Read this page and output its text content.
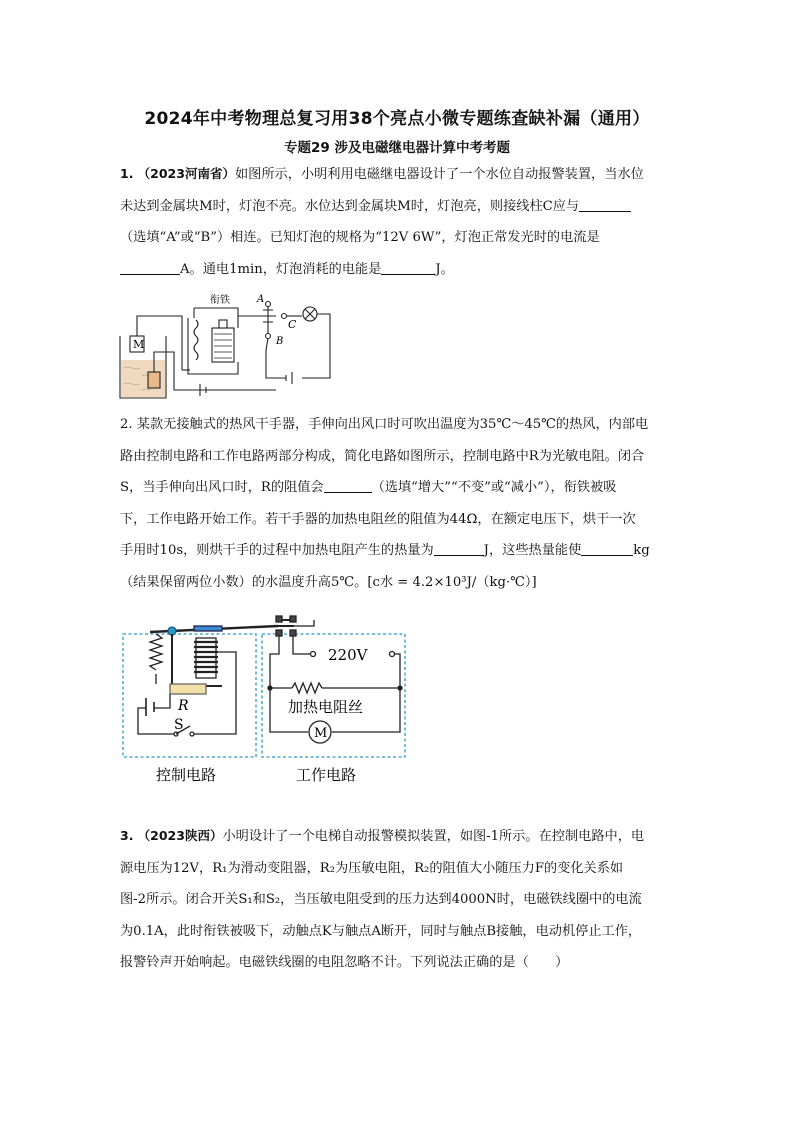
2024年中考物理总复习用38个亮点小微专题练查缺补漏（通用）
专题29 涉及电磁继电器计算中考考题
1. （2023河南省）如图所示，小明利用电磁继电器设计了一个水位自动报警装置，当水位
未达到金属块M时，灯泡不亮。水位达到金属块M时，灯泡亮，则接线柱C应与
（选填“A”或“B”）相连。已知灯泡的规格为“12V 6W”，灯泡正常发光时的电流是
A。通电1min，灯泡消耗的电能是	J。
衔铁	A
B
C
M
2. 某款无接触式的热风干手器，手伸向出风口时可吹出温度为35℃～45℃的热风，内部电
路由控制电路和工作电路两部分构成，简化电路如图所示，控制电路中R为光敏电阻。闭合
S，当手伸向出风口时，R的阻值会	（选填“增大”“不变”或“减小”），衔铁被吸
下，工作电路开始工作。若干手器的加热电阻丝的阻值为44Ω，在额定电压下，烘干一次
手用时10s，则烘干手的过程中加热电阻产生的热量为	J，这些热量能使	kg
（结果保留两位小数）的水温度升高5℃。[c水 = 4.2×10³J/（kg·℃）]
220V
加热电阻丝
M
R
S
控制电路	工作电路
3. （2023陕西）小明设计了一个电梯自动报警模拟装置，如图-1所示。在控制电路中，电
源电压为12V，R₁为滑动变阻器，R₂为压敏电阻，R₂的阻值大小随压力F的变化关系如
图-2所示。闭合开关S₁和S₂，当压敏电阻受到的压力达到4000N时，电磁铁线圈中的电流
为0.1A，此时衔铁被吸下，动触点K与触点A断开，同时与触点B接触，电动机停止工作，
报警铃声开始响起。电磁铁线圈的电阻忽略不计。下列说法正确的是（　　）
